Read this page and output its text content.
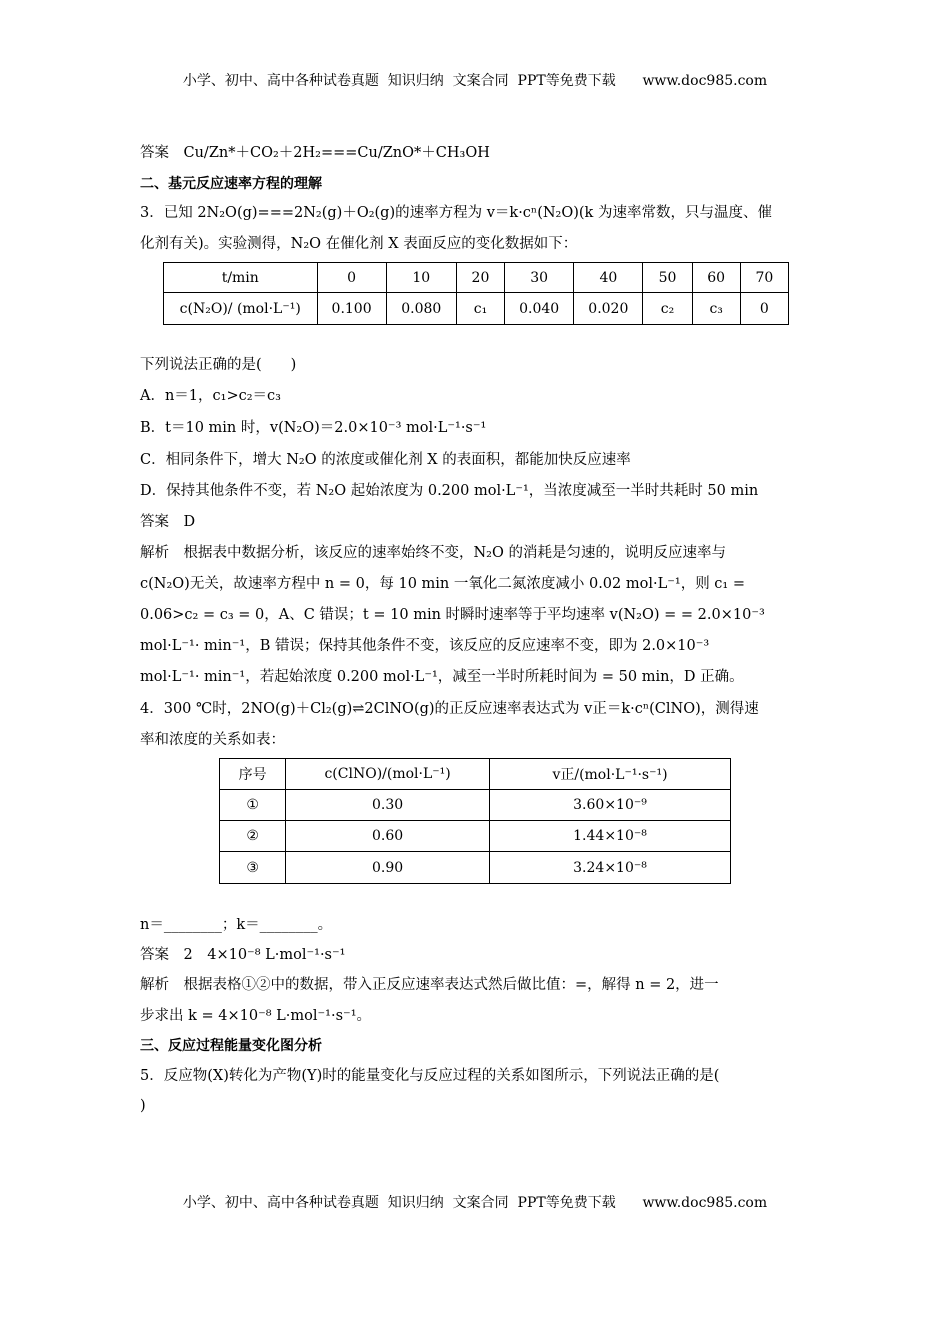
小学、初中、高中各种试卷真题  知识归纳  文案合同  PPT等免费下载      www.doc985.com
答案　Cu/Zn*＋CO₂＋2H₂===Cu/ZnO*＋CH₃OH
二、基元反应速率方程的理解
3．已知 2N₂O(g)===2N₂(g)＋O₂(g)的速率方程为 v＝k·cⁿ(N₂O)(k 为速率常数，只与温度、催
化剂有关)。实验测得，N₂O 在催化剂 X 表面反应的变化数据如下：
下列说法正确的是(　　)
A．n＝1，c₁>c₂＝c₃
B．t＝10 min 时，v(N₂O)＝2.0×10⁻³ mol·L⁻¹·s⁻¹
C．相同条件下，增大 N₂O 的浓度或催化剂 X 的表面积，都能加快反应速率
D．保持其他条件不变，若 N₂O 起始浓度为 0.200 mol·L⁻¹，当浓度减至一半时共耗时 50 min
答案　D
解析　根据表中数据分析，该反应的速率始终不变，N₂O 的消耗是匀速的，说明反应速率与
c(N₂O)无关，故速率方程中 n = 0，每 10 min 一氧化二氮浓度减小 0.02 mol·L⁻¹，则 c₁ =
0.06>c₂ = c₃ = 0，A、C 错误；t = 10 min 时瞬时速率等于平均速率 v(N₂O) = = 2.0×10⁻³
mol·L⁻¹· min⁻¹，B 错误；保持其他条件不变，该反应的反应速率不变，即为 2.0×10⁻³
mol·L⁻¹· min⁻¹，若起始浓度 0.200 mol·L⁻¹，减至一半时所耗时间为 = 50 min，D 正确。
4．300 ℃时，2NO(g)＋Cl₂(g)⇌2ClNO(g)的正反应速率表达式为 v正＝k·cⁿ(ClNO)，测得速
率和浓度的关系如表：
n＝________；k＝________。
答案　2　4×10⁻⁸ L·mol⁻¹·s⁻¹
解析　根据表格①②中的数据，带入正反应速率表达式然后做比值：=，解得 n = 2，进一
步求出 k = 4×10⁻⁸ L·mol⁻¹·s⁻¹。
三、反应过程能量变化图分析
5．反应物(X)转化为产物(Y)时的能量变化与反应过程的关系如图所示，下列说法正确的是(
)
t/min	0	10	20	30	40	50	60	70
c(N₂O)/ (mol·L⁻¹)	0.100	0.080	c₁	0.040	0.020	c₂	c₃	0
序号	c(ClNO)/(mol·L⁻¹)	v正/(mol·L⁻¹·s⁻¹)
①	0.30	3.60×10⁻⁹
②	0.60	1.44×10⁻⁸
③	0.90	3.24×10⁻⁸
小学、初中、高中各种试卷真题  知识归纳  文案合同  PPT等免费下载      www.doc985.com
